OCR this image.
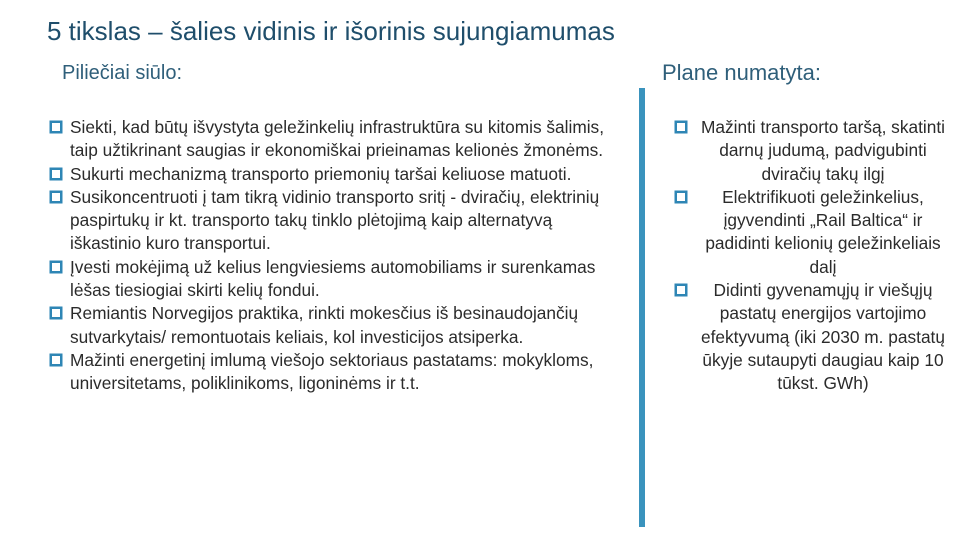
5 tikslas – šalies vidinis ir išorinis sujungiamumas
Piliečiai siūlo:	Plane numatyta:
Siekti, kad būtų išvystyta geležinkelių infrastruktūra su kitomis šalimis, taip užtikrinant saugias ir ekonomiškai prieinamas kelionės žmonėms.
Sukurti mechanizmą transporto priemonių taršai keliuose matuoti.
Susikoncentruoti į tam tikrą vidinio transporto sritį - dviračių, elektrinių paspirtukų ir kt. transporto takų tinklo plėtojimą kaip alternatyvą iškastinio kuro transportui.
Įvesti mokėjimą už kelius lengviesiems automobiliams ir surenkamas lėšas tiesiogiai skirti kelių fondui.
Remiantis Norvegijos praktika, rinkti mokesčius iš besinaudojančių sutvarkytais/ remontuotais keliais, kol investicijos atsiperka.
Mažinti energetinį imlumą viešojo sektoriaus pastatams: mokykloms, universitetams, poliklinikoms, ligoninėms ir t.t.
Mažinti transporto taršą, skatinti darnų judumą, padvigubinti dviračių takų ilgį
Elektrifikuoti geležinkelius, įgyvendinti „Rail Baltica“ ir padidinti kelionių geležinkeliais dalį
Didinti gyvenamųjų ir viešųjų pastatų energijos vartojimo efektyvumą (iki 2030 m. pastatų ūkyje sutaupyti daugiau kaip 10 tūkst. GWh)
